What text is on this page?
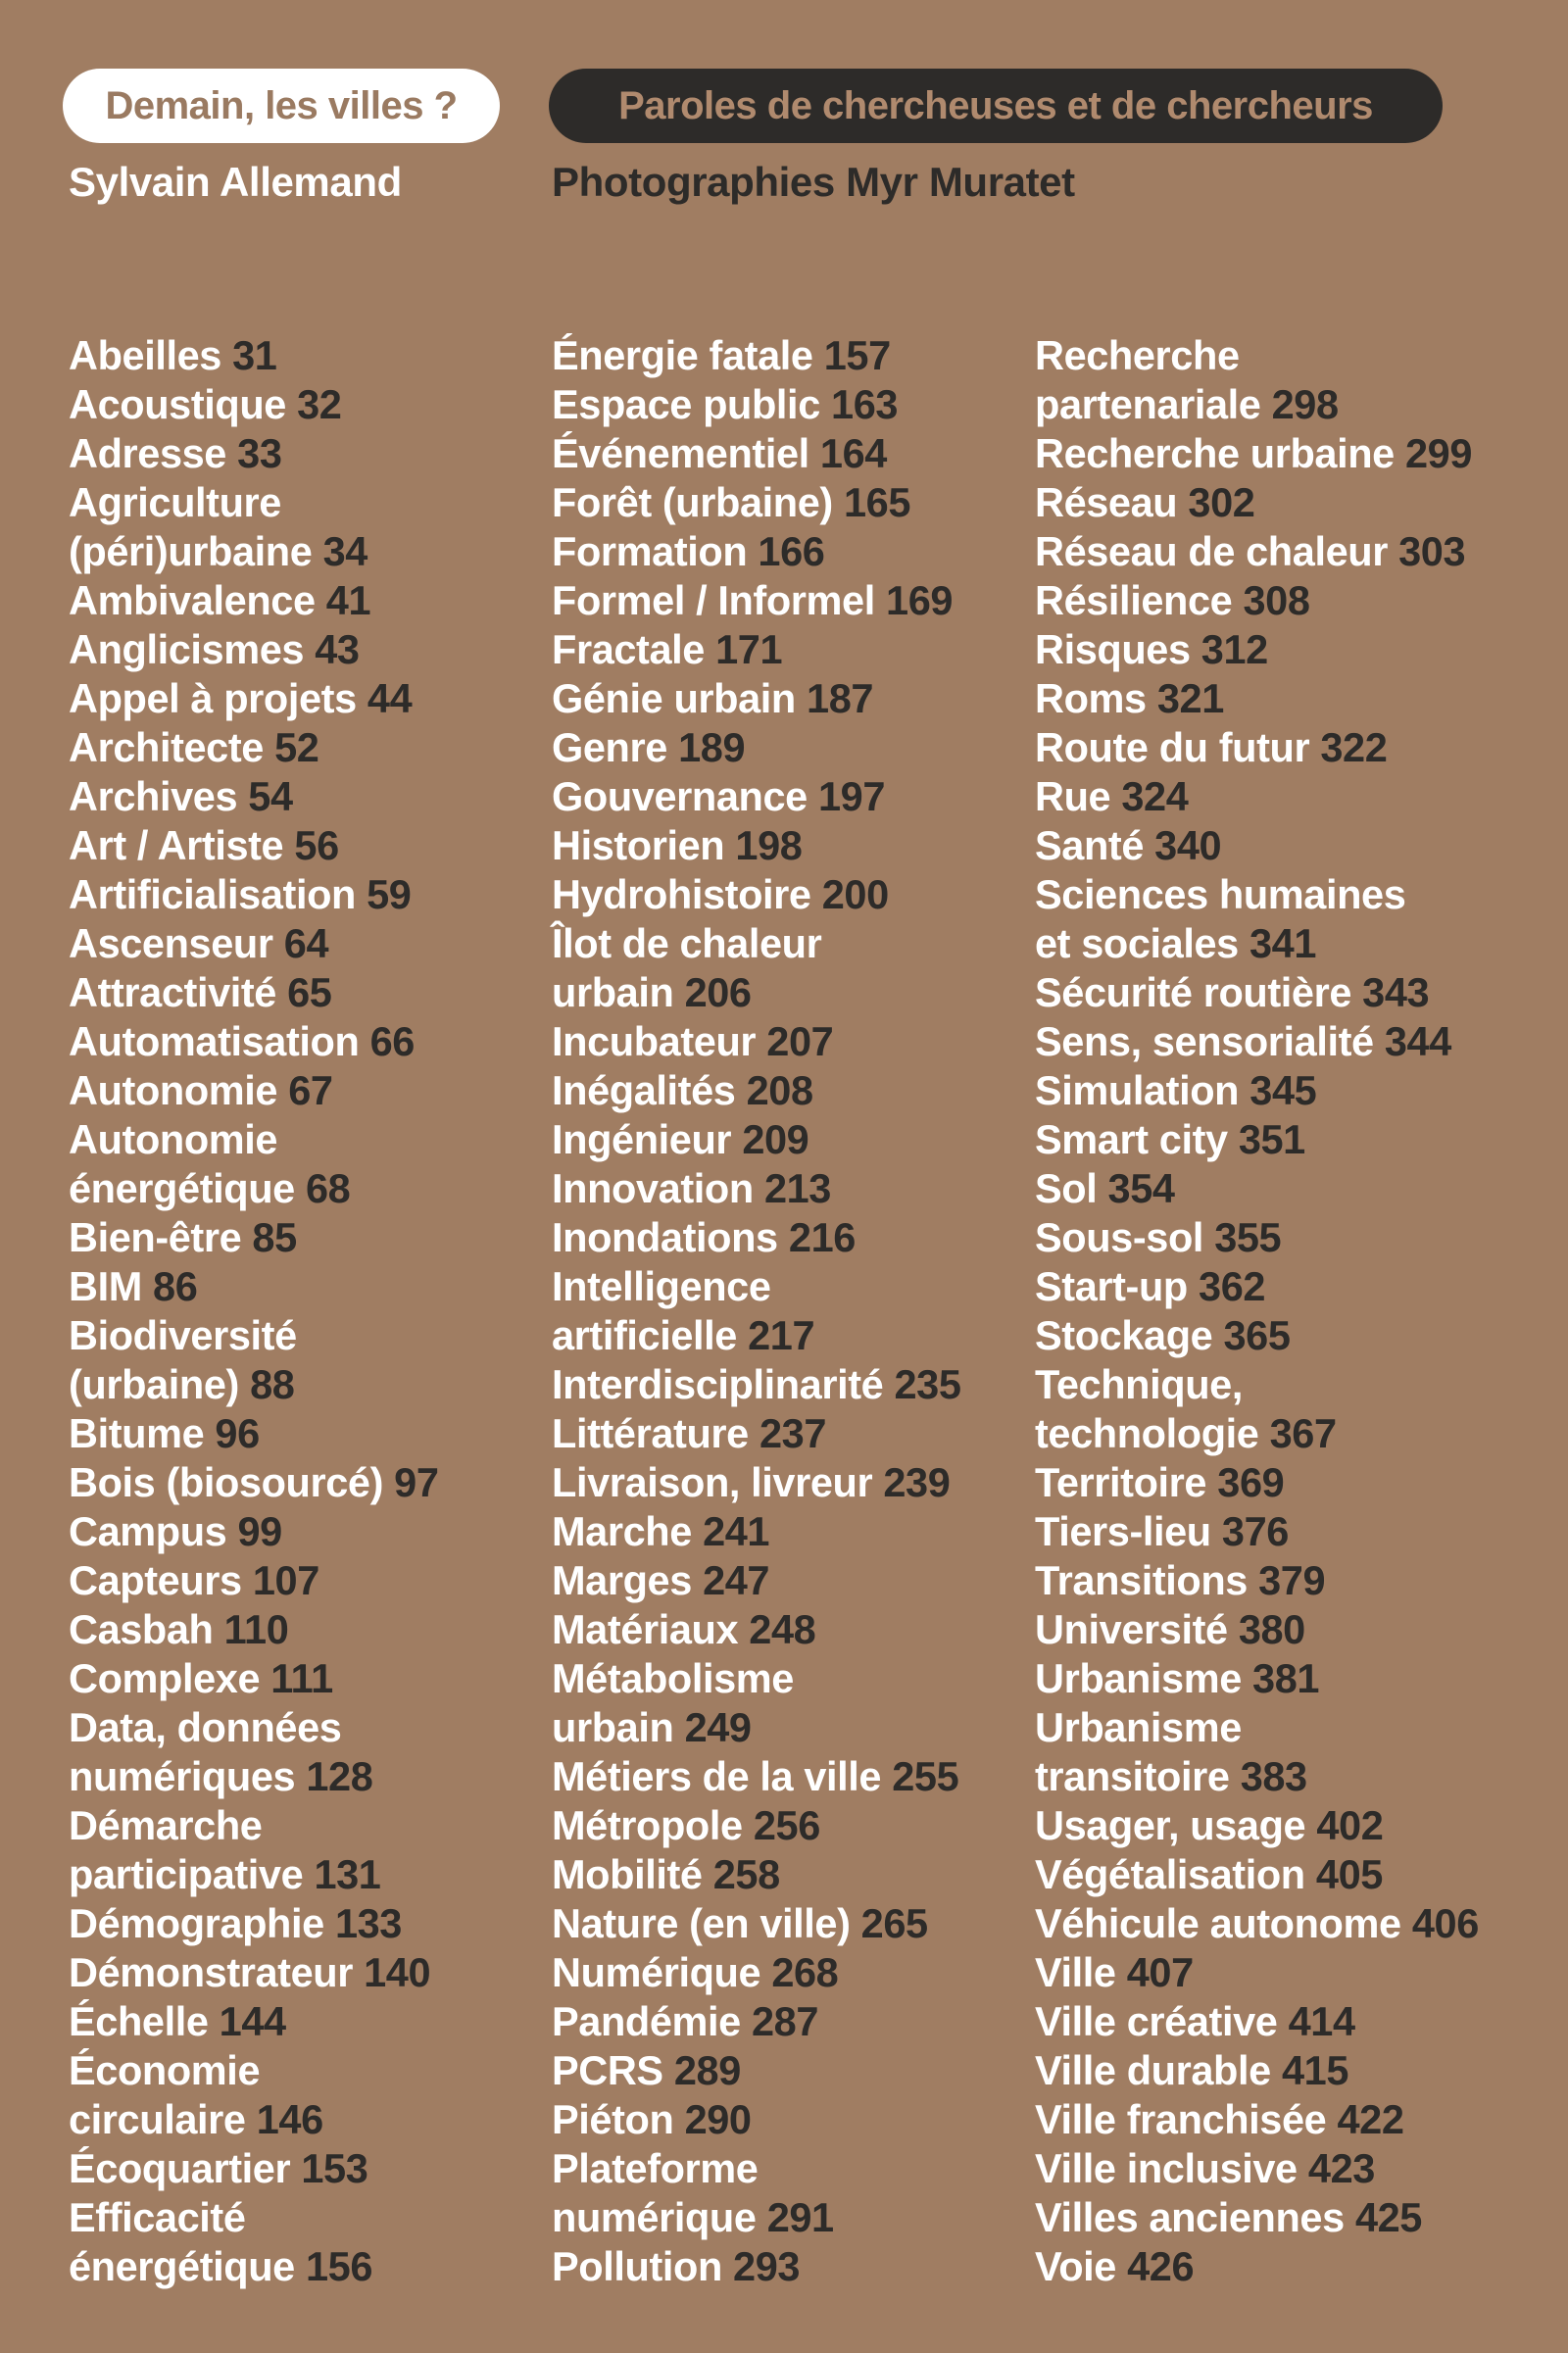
Demain, les villes ?	Paroles de chercheuses et de chercheurs
Sylvain Allemand	Photographies Myr Muratet
Abeilles 31
Acoustique 32
Adresse 33
Agriculture
(péri)urbaine 34
Ambivalence 41
Anglicismes 43
Appel à projets 44
Architecte 52
Archives 54
Art / Artiste 56
Artificialisation 59
Ascenseur 64
Attractivité 65
Automatisation 66
Autonomie 67
Autonomie
énergétique 68
Bien-être 85
BIM 86
Biodiversité
(urbaine) 88
Bitume 96
Bois (biosourcé) 97
Campus 99
Capteurs 107
Casbah 110
Complexe 111
Data, données
numériques 128
Démarche
participative 131
Démographie 133
Démonstrateur 140
Échelle 144
Économie
circulaire 146
Écoquartier 153
Efficacité
énergétique 156
Énergie fatale 157
Espace public 163
Événementiel 164
Forêt (urbaine) 165
Formation 166
Formel / Informel 169
Fractale 171
Génie urbain 187
Genre 189
Gouvernance 197
Historien 198
Hydrohistoire 200
Îlot de chaleur
urbain 206
Incubateur 207
Inégalités 208
Ingénieur 209
Innovation 213
Inondations 216
Intelligence
artificielle 217
Interdisciplinarité 235
Littérature 237
Livraison, livreur 239
Marche 241
Marges 247
Matériaux 248
Métabolisme
urbain 249
Métiers de la ville 255
Métropole 256
Mobilité 258
Nature (en ville) 265
Numérique 268
Pandémie 287
PCRS 289
Piéton 290
Plateforme
numérique 291
Pollution 293
Recherche
partenariale 298
Recherche urbaine 299
Réseau 302
Réseau de chaleur 303
Résilience 308
Risques 312
Roms 321
Route du futur 322
Rue 324
Santé 340
Sciences humaines
et sociales 341
Sécurité routière 343
Sens, sensorialité 344
Simulation 345
Smart city 351
Sol 354
Sous-sol 355
Start-up 362
Stockage 365
Technique,
technologie 367
Territoire 369
Tiers-lieu 376
Transitions 379
Université 380
Urbanisme 381
Urbanisme
transitoire 383
Usager, usage 402
Végétalisation 405
Véhicule autonome 406
Ville 407
Ville créative 414
Ville durable 415
Ville franchisée 422
Ville inclusive 423
Villes anciennes 425
Voie 426
